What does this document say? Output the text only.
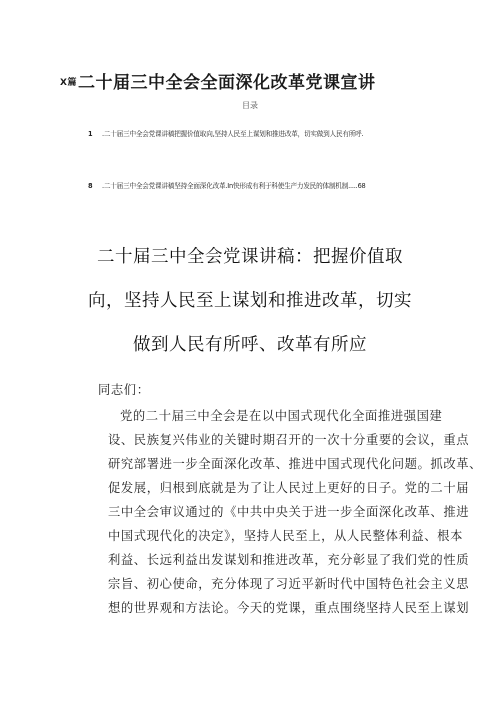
X篇二十届三中全会全面深化改革党课宣讲
目录
1 .二十届三中全会党课讲稿把握价值取向,坚持人民至上谋划和推进改革，切实做到人民有所呼.
8 .二十届三中全会党课讲稿坚持全面深化改革.In快形成有利于科使生产力发民的体制机制.....68
二十届三中全会党课讲稿：把握价值取
向，坚持人民至上谋划和推进改革，切实
做到人民有所呼、改革有所应
同志们：
党的二十届三中全会是在以中国式现代化全面推进强国建
设、民族复兴伟业的关键时期召开的一次十分重要的会议，重点
研究部署进一步全面深化改革、推进中国式现代化问题。抓改革、
促发展，归根到底就是为了让人民过上更好的日子。党的二十届
三中全会审议通过的《中共中央关于进一步全面深化改革、推进
中国式现代化的决定》，坚持人民至上，从人民整体利益、根本
利益、长远利益出发谋划和推进改革，充分彰显了我们党的性质
宗旨、初心使命，充分体现了习近平新时代中国特色社会主义思
想的世界观和方法论。今天的党课，重点围绕坚持人民至上谋划
